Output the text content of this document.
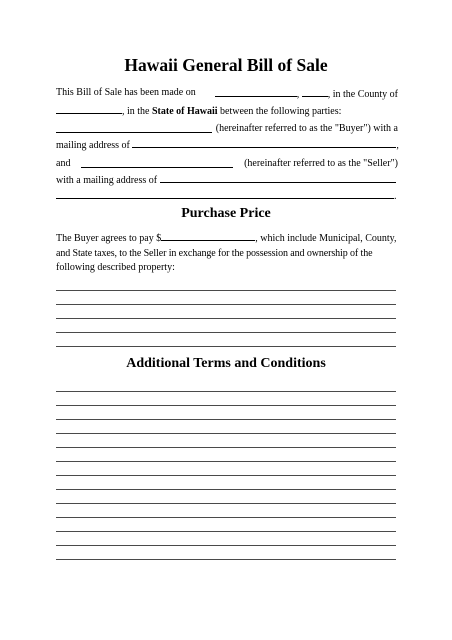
Hawaii General Bill of Sale
This Bill of Sale has been made on	,	, in the County of
, in the State of Hawaii between the following parties:
(hereinafter referred to as the "Buyer") with a
mailing address of	,
and	(hereinafter referred to as the "Seller")
with a mailing address of
.
Purchase Price
The Buyer agrees to pay $	, which include Municipal, County,
and State taxes, to the Seller in exchange for the possession and ownership of the
following described property:
Additional Terms and Conditions
